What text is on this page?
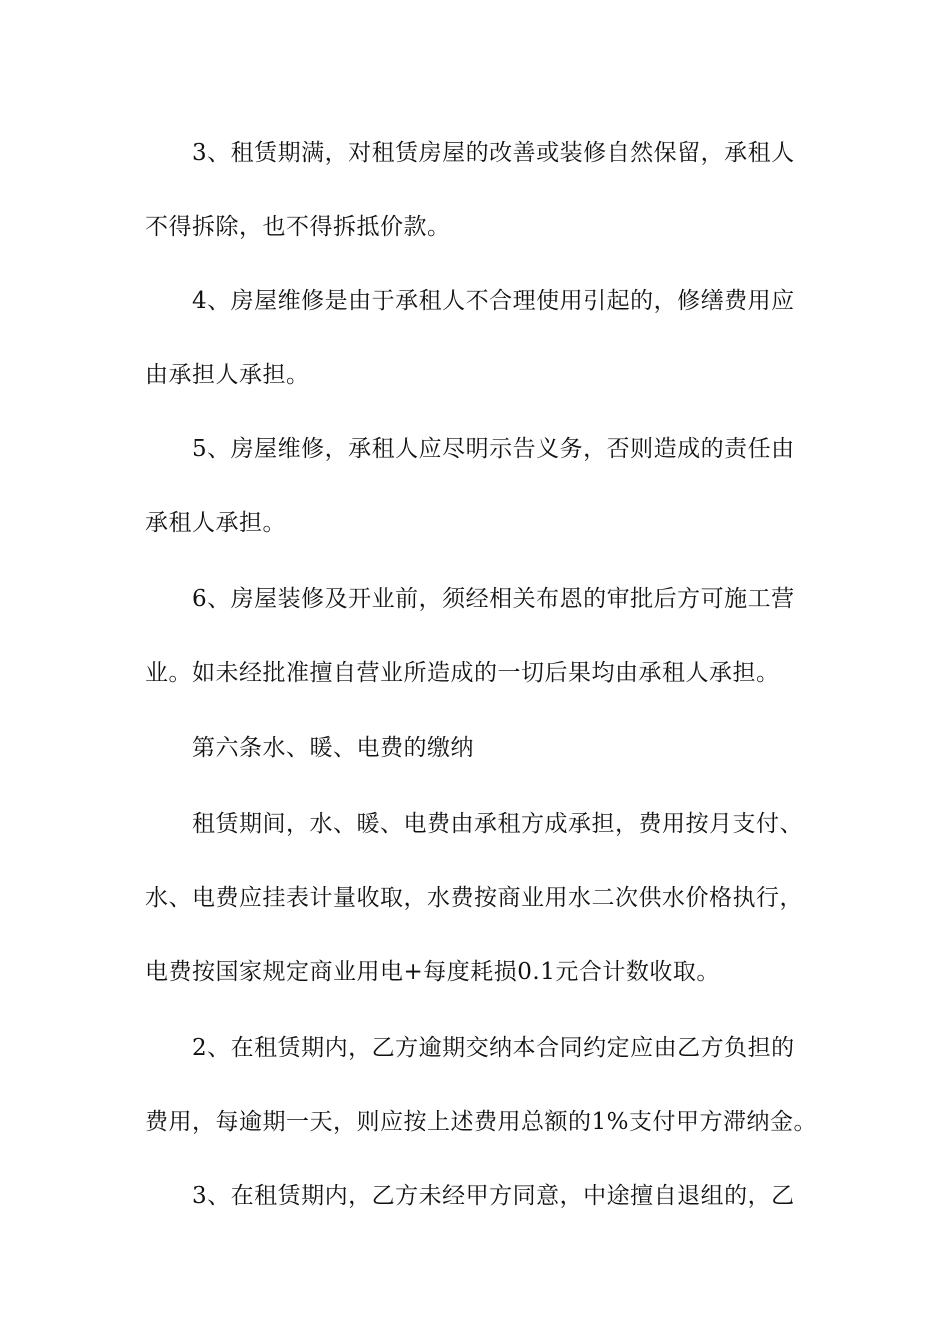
3、租赁期满，对租赁房屋的改善或装修自然保留，承租人
不得拆除，也不得拆抵价款。
4、房屋维修是由于承租人不合理使用引起的，修缮费用应
由承担人承担。
5、房屋维修，承租人应尽明示告义务，否则造成的责任由
承租人承担。
6、房屋装修及开业前，须经相关布恩的审批后方可施工营
业。如未经批准擅自营业所造成的一切后果均由承租人承担。
第六条水、暖、电费的缴纳
租赁期间，水、暖、电费由承租方成承担，费用按月支付、
水、电费应挂表计量收取，水费按商业用水二次供水价格执行，
电费按国家规定商业用电+每度耗损0.1元合计数收取。
2、在租赁期内，乙方逾期交纳本合同约定应由乙方负担的
费用，每逾期一天，则应按上述费用总额的1%支付甲方滞纳金。
3、在租赁期内，乙方未经甲方同意，中途擅自退组的，乙
